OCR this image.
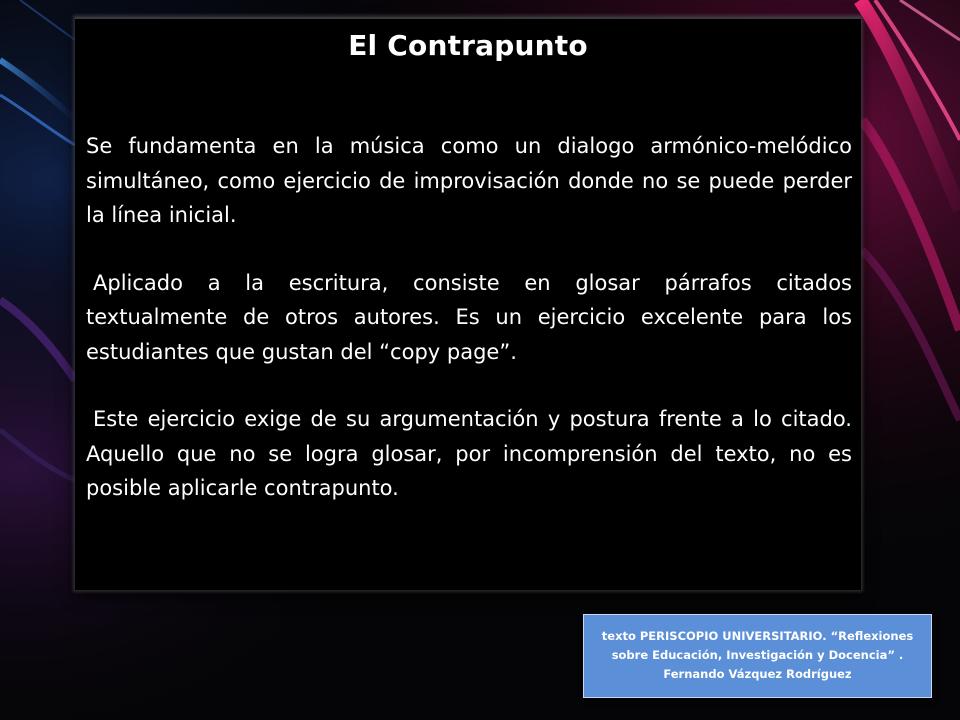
El Contrapunto

Se fundamenta en la música como un dialogo armónico-melódico simultáneo, como ejercicio de improvisación donde no se puede perder la línea inicial.

Aplicado a la escritura, consiste en glosar párrafos citados textualmente de otros autores. Es un ejercicio excelente para los estudiantes que gustan del “copy page”.

Este ejercicio exige de su argumentación y postura frente a lo citado. Aquello que no se logra glosar, por incomprensión del texto, no es posible aplicarle contrapunto.

texto PERISCOPIO UNIVERSITARIO. “Reflexiones sobre Educación, Investigación y Docencia” . Fernando Vázquez Rodríguez
